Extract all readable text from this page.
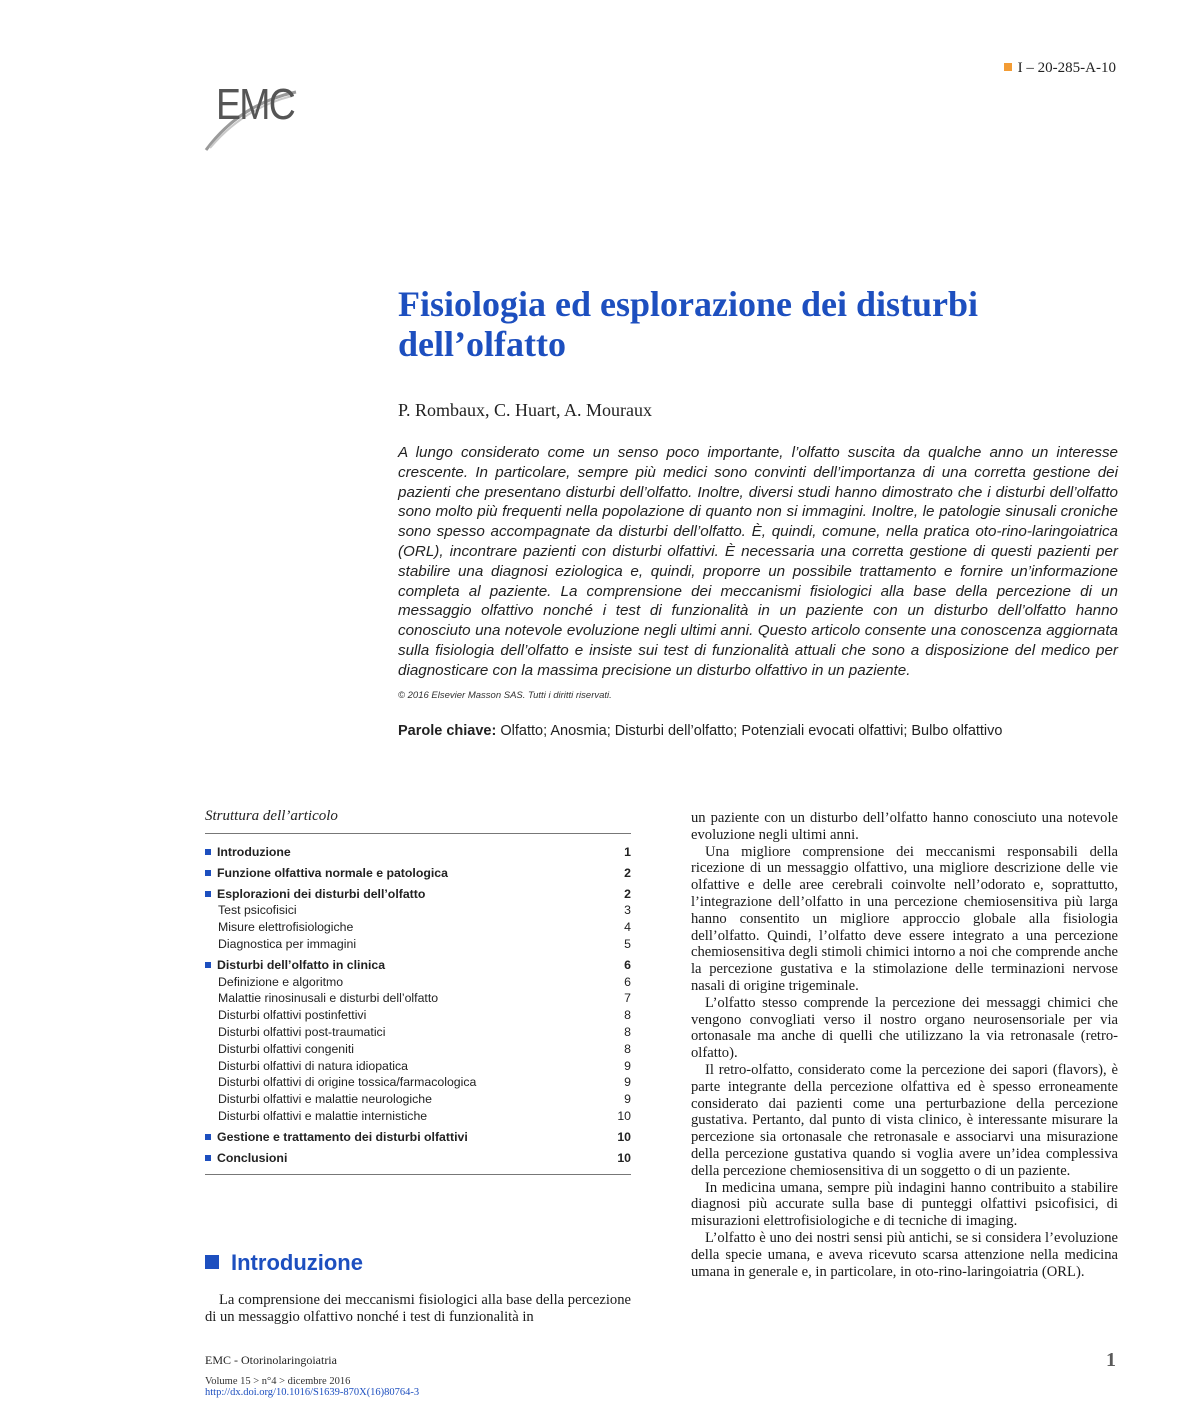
EMC
I – 20-285-A-10
Fisiologia ed esplorazione dei disturbi dell’olfatto
P. Rombaux, C. Huart, A. Mouraux
A lungo considerato come un senso poco importante, l’olfatto suscita da qualche anno un interesse crescente. In particolare, sempre più medici sono convinti dell’importanza di una corretta gestione dei pazienti che presentano disturbi dell’olfatto. Inoltre, diversi studi hanno dimostrato che i disturbi dell’olfatto sono molto più frequenti nella popolazione di quanto non si immagini. Inoltre, le patologie sinusali croniche sono spesso accompagnate da disturbi dell’olfatto. È, quindi, comune, nella pratica oto-rino-laringoiatrica (ORL), incontrare pazienti con disturbi olfattivi. È necessaria una corretta gestione di questi pazienti per stabilire una diagnosi eziologica e, quindi, proporre un possibile trattamento e fornire un’informazione completa al paziente. La comprensione dei meccanismi fisiologici alla base della percezione di un messaggio olfattivo nonché i test di funzionalità in un paziente con un disturbo dell’olfatto hanno conosciuto una notevole evoluzione negli ultimi anni. Questo articolo consente una conoscenza aggiornata sulla fisiologia dell’olfatto e insiste sui test di funzionalità attuali che sono a disposizione del medico per diagnosticare con la massima precisione un disturbo olfattivo in un paziente.
© 2016 Elsevier Masson SAS. Tutti i diritti riservati.
Parole chiave: Olfatto; Anosmia; Disturbi dell’olfatto; Potenziali evocati olfattivi; Bulbo olfattivo
Struttura dell’articolo
Introduzione	1
Funzione olfattiva normale e patologica	2
Esplorazioni dei disturbi dell’olfatto	2
Test psicofisici	3
Misure elettrofisiologiche	4
Diagnostica per immagini	5
Disturbi dell’olfatto in clinica	6
Definizione e algoritmo	6
Malattie rinosinusali e disturbi dell’olfatto	7
Disturbi olfattivi postinfettivi	8
Disturbi olfattivi post-traumatici	8
Disturbi olfattivi congeniti	8
Disturbi olfattivi di natura idiopatica	9
Disturbi olfattivi di origine tossica/farmacologica	9
Disturbi olfattivi e malattie neurologiche	9
Disturbi olfattivi e malattie internistiche	10
Gestione e trattamento dei disturbi olfattivi	10
Conclusioni	10
Introduzione

La comprensione dei meccanismi fisiologici alla base della percezione di un messaggio olfattivo nonché i test di funzionalità in

un paziente con un disturbo dell’olfatto hanno conosciuto una notevole evoluzione negli ultimi anni.

Una migliore comprensione dei meccanismi responsabili della ricezione di un messaggio olfattivo, una migliore descrizione delle vie olfattive e delle aree cerebrali coinvolte nell’odorato e, soprattutto, l’integrazione dell’olfatto in una percezione chemiosensitiva più larga hanno consentito un migliore approccio globale alla fisiologia dell’olfatto. Quindi, l’olfatto deve essere integrato a una percezione chemiosensitiva degli stimoli chimici intorno a noi che comprende anche la percezione gustativa e la stimolazione delle terminazioni nervose nasali di origine trigeminale.

L’olfatto stesso comprende la percezione dei messaggi chimici che vengono convogliati verso il nostro organo neurosensoriale per via ortonasale ma anche di quelli che utilizzano la via retronasale (retro-olfatto).

Il retro-olfatto, considerato come la percezione dei sapori (flavors), è parte integrante della percezione olfattiva ed è spesso erroneamente considerato dai pazienti come una perturbazione della percezione gustativa. Pertanto, dal punto di vista clinico, è interessante misurare la percezione sia ortonasale che retronasale e associarvi una misurazione della percezione gustativa quando si voglia avere un’idea complessiva della percezione chemiosensitiva di un soggetto o di un paziente.

In medicina umana, sempre più indagini hanno contribuito a stabilire diagnosi più accurate sulla base di punteggi olfattivi psicofisici, di misurazioni elettrofisiologiche e di tecniche di imaging.

L’olfatto è uno dei nostri sensi più antichi, se si considera l’evoluzione della specie umana, e aveva ricevuto scarsa attenzione nella medicina umana in generale e, in particolare, in oto-rino-laringoiatria (ORL).

EMC - Otorinolaringoiatria
Volume 15 > n°4 > dicembre 2016
http://dx.doi.org/10.1016/S1639-870X(16)80764-3
1
